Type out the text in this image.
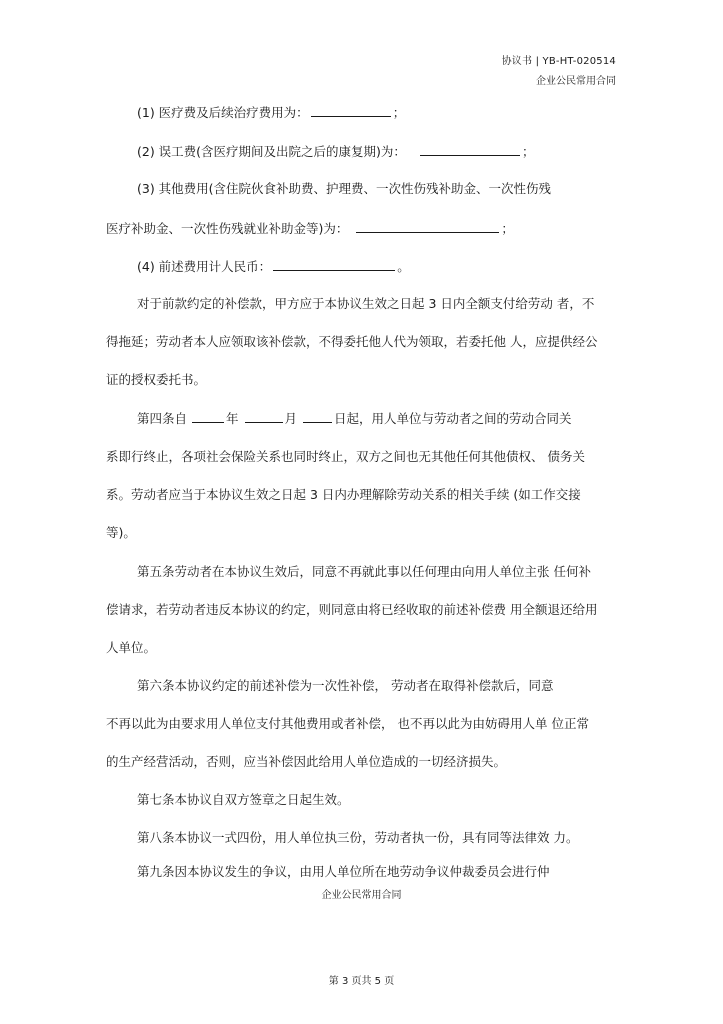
协议书 | YB-HT-020514
企业公民常用合同
(1) 医疗费及后续治疗费用为：	；
(2) 误工费(含医疗期间及出院之后的康复期)为：	；
(3) 其他费用(含住院伙食补助费、护理费、一次性伤残补助金、一次性伤残
医疗补助金、一次性伤残就业补助金等)为：	；
(4) 前述费用计人民币：	。
对于前款约定的补偿款，甲方应于本协议生效之日起 3 日内全额支付给劳动 者，不
得拖延；劳动者本人应领取该补偿款，不得委托他人代为领取，若委托他 人，应提供经公
证的授权委托书。
第四条自	年	月	日起，用人单位与劳动者之间的劳动合同关
系即行终止，各项社会保险关系也同时终止，双方之间也无其他任何其他债权、 债务关
系。劳动者应当于本协议生效之日起 3 日内办理解除劳动关系的相关手续 (如工作交接
等)。
第五条劳动者在本协议生效后，同意不再就此事以任何理由向用人单位主张 任何补
偿请求，若劳动者违反本协议的约定，则同意由将已经收取的前述补偿费 用全额退还给用
人单位。
第六条本协议约定的前述补偿为一次性补偿， 劳动者在取得补偿款后，同意
不再以此为由要求用人单位支付其他费用或者补偿， 也不再以此为由妨碍用人单 位正常
的生产经营活动，否则，应当补偿因此给用人单位造成的一切经济损失。
第七条本协议自双方签章之日起生效。
第八条本协议一式四份，用人单位执三份，劳动者执一份，具有同等法律效 力。
第九条因本协议发生的争议，由用人单位所在地劳动争议仲裁委员会进行仲
企业公民常用合同
第 3 页共 5 页
